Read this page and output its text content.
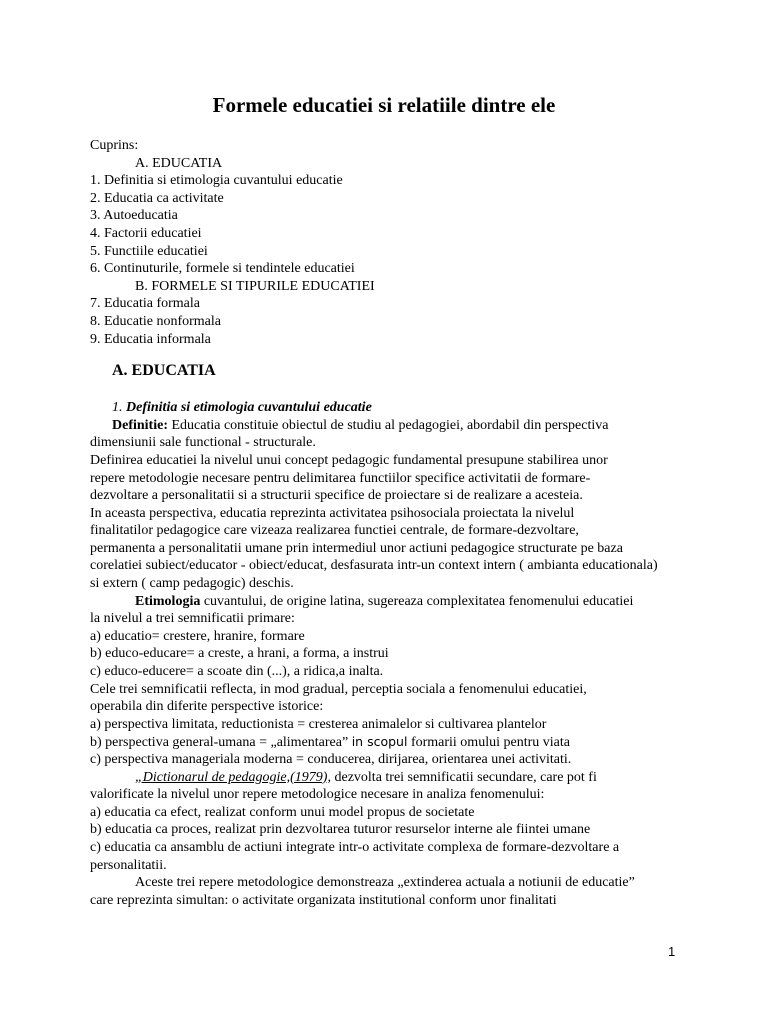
Formele educatiei si relatiile dintre ele
Cuprins:
A. EDUCATIA
1. Definitia si etimologia cuvantului educatie
2. Educatia ca activitate
3. Autoeducatia
4. Factorii educatiei
5. Functiile educatiei
6. Continuturile, formele si tendintele educatiei
B. FORMELE SI TIPURILE EDUCATIEI
7. Educatia formala
8. Educatie nonformala
9. Educatia informala
A. EDUCATIA
1. Definitia si etimologia cuvantului educatie
Definitie: Educatia constituie obiectul de studiu al pedagogiei, abordabil din perspectiva
dimensiunii sale functional - structurale.
Definirea educatiei la nivelul unui concept pedagogic fundamental presupune stabilirea unor
repere metodologie necesare pentru delimitarea functiilor specifice activitatii de formare-
dezvoltare a personalitatii si a structurii specifice de proiectare si de realizare a acesteia.
In aceasta perspectiva, educatia reprezinta activitatea psihosociala proiectata la nivelul
finalitatilor pedagogice care vizeaza realizarea functiei centrale, de formare-dezvoltare,
permanenta a personalitatii umane prin intermediul unor actiuni pedagogice structurate pe baza
corelatiei subiect/educator - obiect/educat, desfasurata intr-un context intern ( ambianta educationala)
si extern ( camp pedagogic) deschis.
Etimologia cuvantului, de origine latina, sugereaza complexitatea fenomenului educatiei
la nivelul a trei semnificatii primare:
a) educatio= crestere, hranire, formare
b) educo-educare= a creste, a hrani, a forma, a instrui
c) educo-educere= a scoate din (...), a ridica,a inalta.
Cele trei semnificatii reflecta, in mod gradual, perceptia sociala a fenomenului educatiei,
operabila din diferite perspective istorice:
a) perspectiva limitata, reductionista = cresterea animalelor si cultivarea plantelor
b) perspectiva general-umana = „alimentarea” in scopul formarii omului pentru viata
c) perspectiva manageriala moderna = conducerea, dirijarea, orientarea unei activitati.
„Dictionarul de pedagogie,(1979), dezvolta trei semnificatii secundare, care pot fi
valorificate la nivelul unor repere metodologice necesare in analiza fenomenului:
a) educatia ca efect, realizat conform unui model propus de societate
b) educatia ca proces, realizat prin dezvoltarea tuturor resurselor interne ale fiintei umane
c) educatia ca ansamblu de actiuni integrate intr-o activitate complexa de formare-dezvoltare a
personalitatii.
Aceste trei repere metodologice demonstreaza „extinderea actuala a notiunii de educatie”
care reprezinta simultan: o activitate organizata institutional conform unor finalitati
1
